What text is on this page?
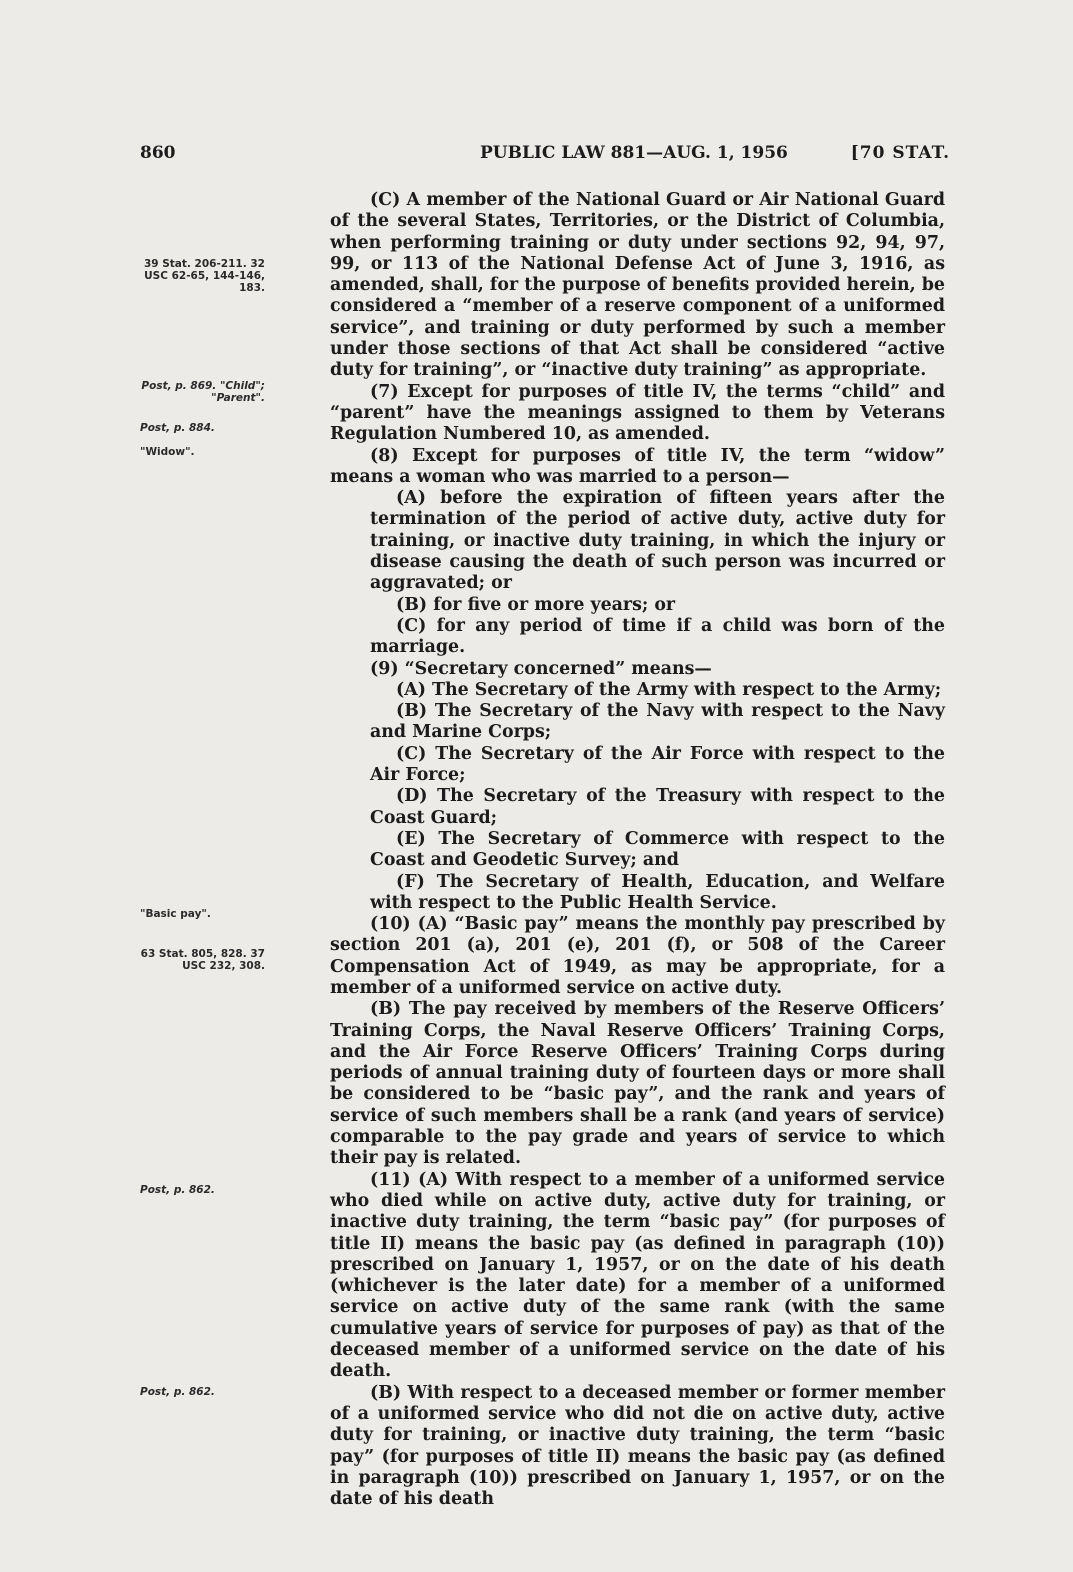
860	PUBLIC LAW 881—AUG. 1, 1956	[70 STAT.
39 Stat. 206-211. 32 USC 62-65, 144-146, 183.
Post, p. 869. "Child"; "Parent".
Post, p. 884.
"Widow".
"Basic pay".
63 Stat. 805, 828. 37 USC 232, 308.
Post, p. 862.
Post, p. 862.

(C) A member of the National Guard or Air National Guard of the several States, Territories, or the District of Columbia, when performing training or duty under sections 92, 94, 97, 99, or 113 of the National Defense Act of June 3, 1916, as amended, shall, for the purpose of benefits provided herein, be considered a “member of a reserve component of a uniformed service”, and training or duty performed by such a member under those sections of that Act shall be considered “active duty for training”, or “inactive duty training” as appropriate.

(7) Except for purposes of title IV, the terms “child” and “parent” have the meanings assigned to them by Veterans Regulation Numbered 10, as amended.

(8) Except for purposes of title IV, the term “widow” means a woman who was married to a person—

(A) before the expiration of fifteen years after the termination of the period of active duty, active duty for training, or inactive duty training, in which the injury or disease causing the death of such person was incurred or aggravated; or

(B) for five or more years; or

(C) for any period of time if a child was born of the marriage.

(9) “Secretary concerned” means—

(A) The Secretary of the Army with respect to the Army;

(B) The Secretary of the Navy with respect to the Navy and Marine Corps;

(C) The Secretary of the Air Force with respect to the Air Force;

(D) The Secretary of the Treasury with respect to the Coast Guard;

(E) The Secretary of Commerce with respect to the Coast and Geodetic Survey; and

(F) The Secretary of Health, Education, and Welfare with respect to the Public Health Service.

(10) (A) “Basic pay” means the monthly pay prescribed by section 201 (a), 201 (e), 201 (f), or 508 of the Career Compensation Act of 1949, as may be appropriate, for a member of a uniformed service on active duty.

(B) The pay received by members of the Reserve Officers’ Training Corps, the Naval Reserve Officers’ Training Corps, and the Air Force Reserve Officers’ Training Corps during periods of annual training duty of fourteen days or more shall be considered to be “basic pay”, and the rank and years of service of such members shall be a rank (and years of service) comparable to the pay grade and years of service to which their pay is related.

(11) (A) With respect to a member of a uniformed service who died while on active duty, active duty for training, or inactive duty training, the term “basic pay” (for purposes of title II) means the basic pay (as defined in paragraph (10)) prescribed on January 1, 1957, or on the date of his death (whichever is the later date) for a member of a uniformed service on active duty of the same rank (with the same cumulative years of service for purposes of pay) as that of the deceased member of a uniformed service on the date of his death.

(B) With respect to a deceased member or former member of a uniformed service who did not die on active duty, active duty for training, or inactive duty training, the term “basic pay” (for purposes of title II) means the basic pay (as defined in paragraph (10)) prescribed on January 1, 1957, or on the date of his death
